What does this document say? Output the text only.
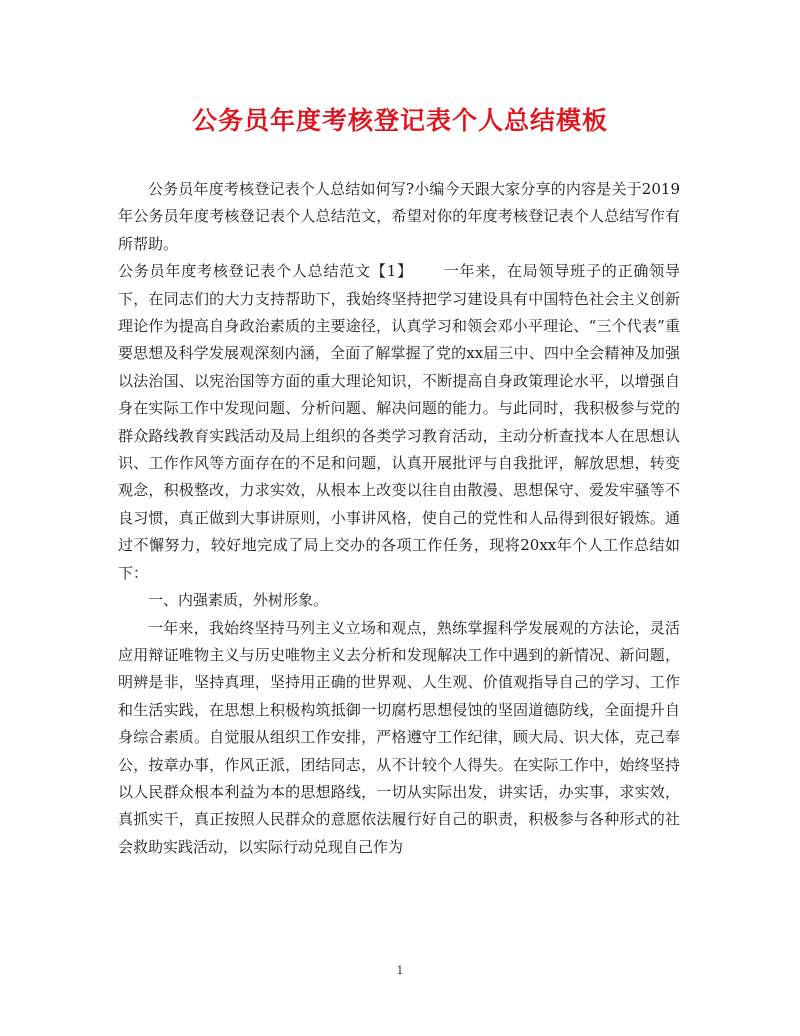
公务员年度考核登记表个人总结模板

公务员年度考核登记表个人总结如何写?小编今天跟大家分享的内容是关于2019年公务员年度考核登记表个人总结范文，希望对你的年度考核登记表个人总结写作有所帮助。

公务员年度考核登记表个人总结范文【1】 一年来，在局领导班子的正确领导下，在同志们的大力支持帮助下，我始终坚持把学习建设具有中国特色社会主义创新理论作为提高自身政治素质的主要途径，认真学习和领会邓小平理论、“三个代表”重要思想及科学发展观深刻内涵，全面了解掌握了党的xx届三中、四中全会精神及加强以法治国、以宪治国等方面的重大理论知识，不断提高自身政策理论水平，以增强自身在实际工作中发现问题、分析问题、解决问题的能力。与此同时，我积极参与党的群众路线教育实践活动及局上组织的各类学习教育活动，主动分析查找本人在思想认识、工作作风等方面存在的不足和问题，认真开展批评与自我批评，解放思想，转变观念，积极整改，力求实效，从根本上改变以往自由散漫、思想保守、爱发牢骚等不良习惯，真正做到大事讲原则，小事讲风格，使自己的党性和人品得到很好锻炼。通过不懈努力，较好地完成了局上交办的各项工作任务，现将20xx年个人工作总结如下：

一、内强素质，外树形象。

一年来，我始终坚持马列主义立场和观点，熟练掌握科学发展观的方法论，灵活应用辩证唯物主义与历史唯物主义去分析和发现解决工作中遇到的新情况、新问题，明辨是非，坚持真理，坚持用正确的世界观、人生观、价值观指导自己的学习、工作和生活实践，在思想上积极构筑抵御一切腐朽思想侵蚀的坚固道德防线，全面提升自身综合素质。自觉服从组织工作安排，严格遵守工作纪律，顾大局、识大体，克己奉公，按章办事，作风正派，团结同志，从不计较个人得失。在实际工作中，始终坚持以人民群众根本利益为本的思想路线，一切从实际出发，讲实话，办实事，求实效，真抓实干，真正按照人民群众的意愿依法履行好自己的职责，积极参与各种形式的社会救助实践活动，以实际行动兑现自己作为

1
